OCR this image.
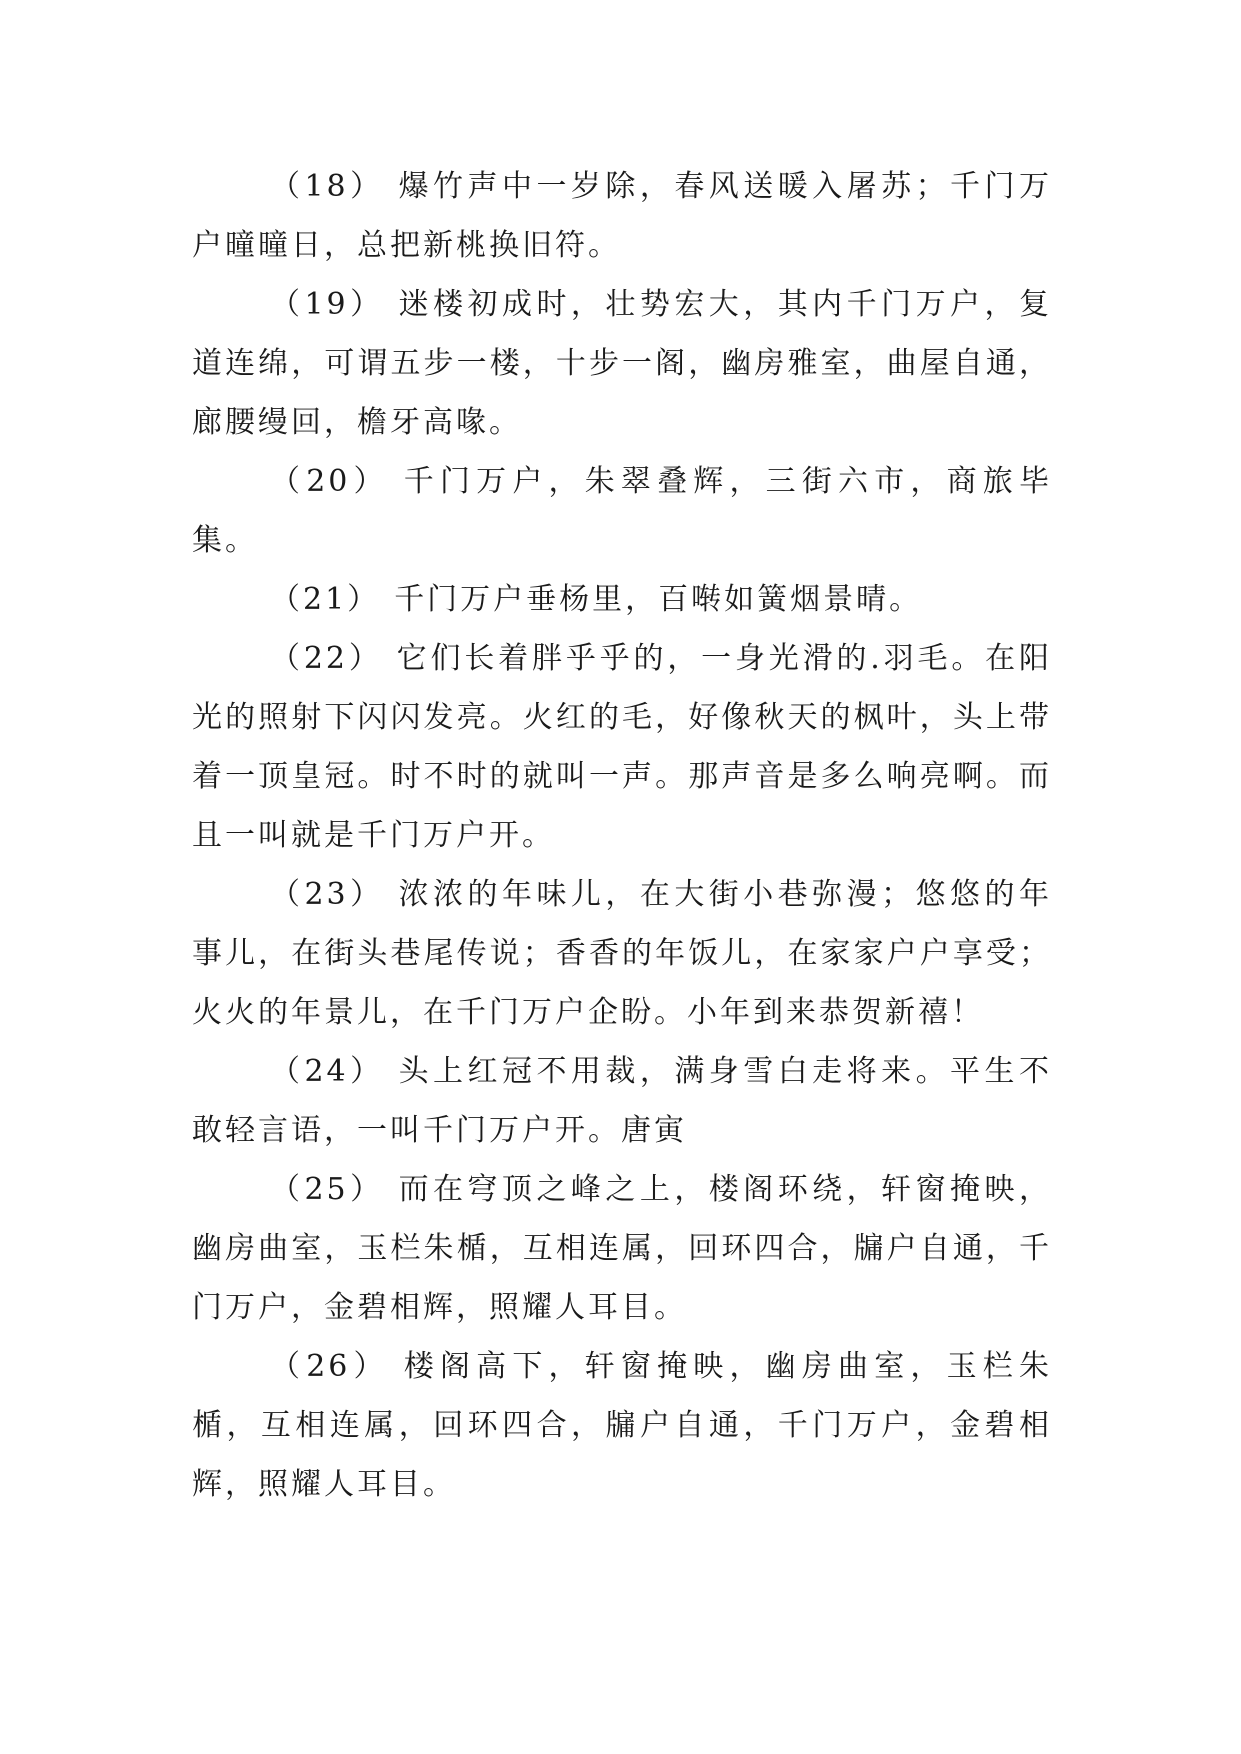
（18） 爆竹声中一岁除，春风送暖入屠苏；千门万户曈曈日，总把新桃换旧符。

（19） 迷楼初成时，壮势宏大，其内千门万户，复道连绵，可谓五步一楼，十步一阁，幽房雅室，曲屋自通，廊腰缦回，檐牙高喙。

（20） 千门万户，朱翠叠辉，三街六市，商旅毕集。

（21） 千门万户垂杨里，百啭如簧烟景晴。

（22） 它们长着胖乎乎的，一身光滑的.羽毛。在阳光的照射下闪闪发亮。火红的毛，好像秋天的枫叶，头上带着一顶皇冠。时不时的就叫一声。那声音是多么响亮啊。而且一叫就是千门万户开。

（23） 浓浓的年味儿，在大街小巷弥漫；悠悠的年事儿，在街头巷尾传说；香香的年饭儿，在家家户户享受；火火的年景儿，在千门万户企盼。小年到来恭贺新禧！

（24） 头上红冠不用裁，满身雪白走将来。平生不敢轻言语，一叫千门万户开。唐寅

（25） 而在穹顶之峰之上，楼阁环绕，轩窗掩映，幽房曲室，玉栏朱楯，互相连属，回环四合，牖户自通，千门万户，金碧相辉，照耀人耳目。

（26） 楼阁高下，轩窗掩映，幽房曲室，玉栏朱楯，互相连属，回环四合，牖户自通，千门万户，金碧相辉，照耀人耳目。
